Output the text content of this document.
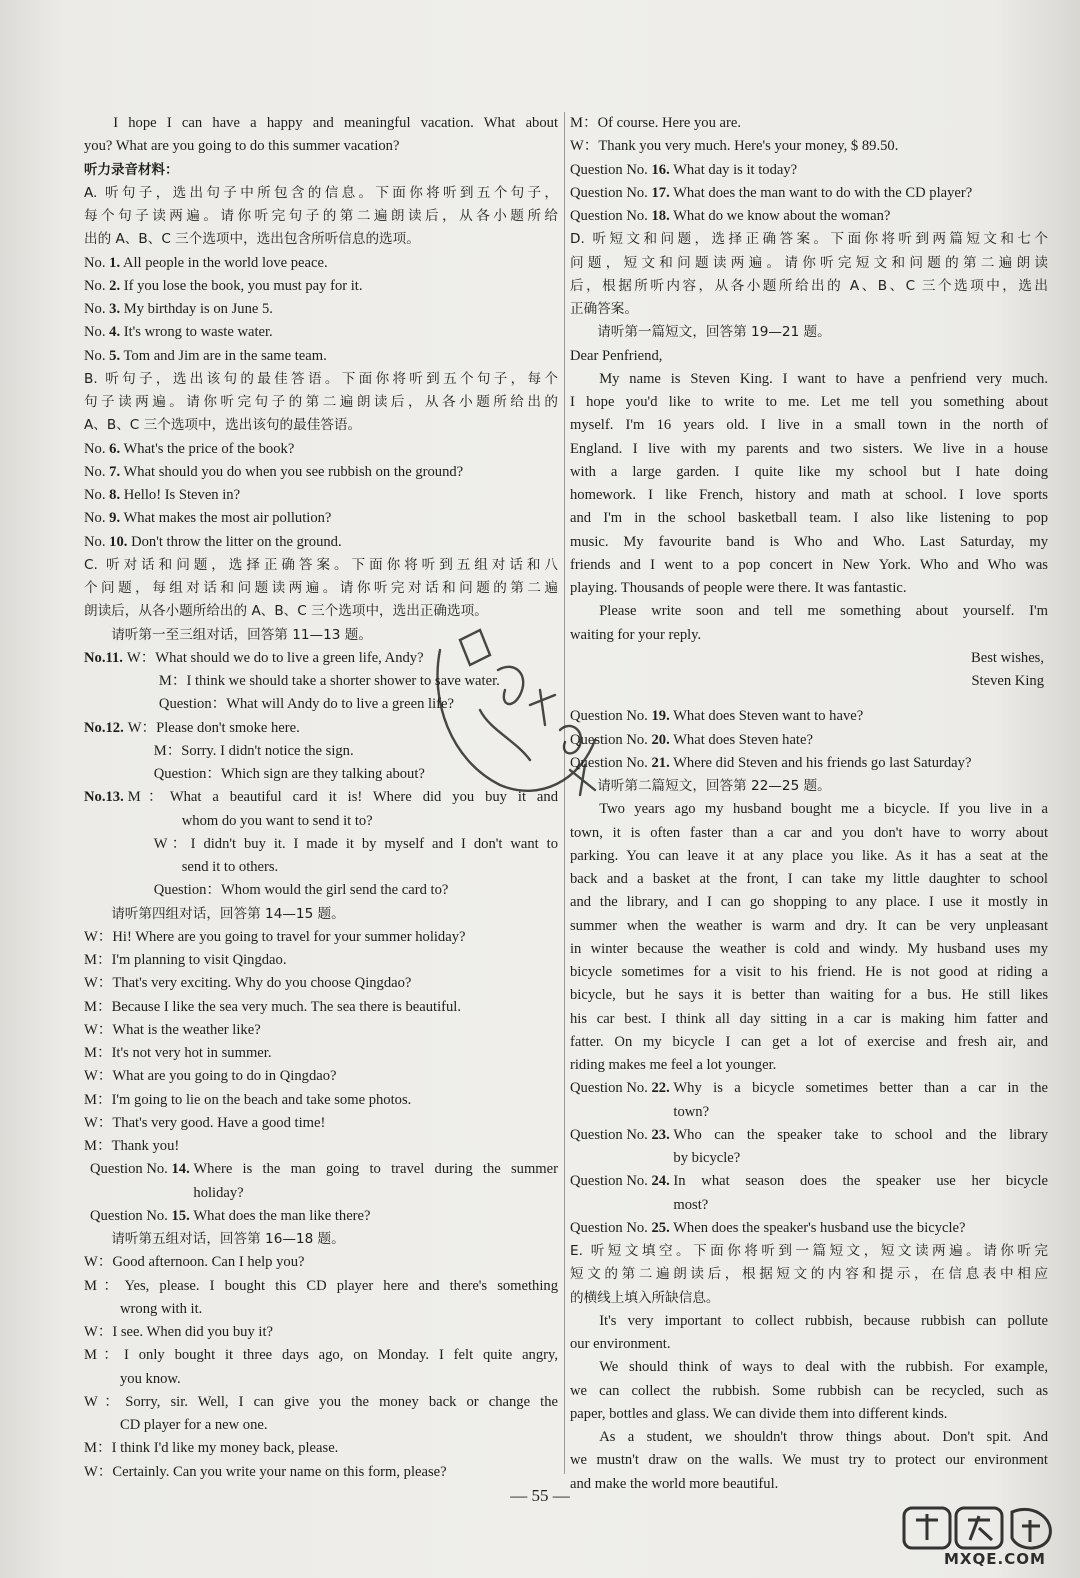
I hope I can have a happy and meaningful vacation. What about

you? What are you going to do this summer vacation?

听力录音材料：

A. 听句子，选出句子中所包含的信息。下面你将听到五个句子，

每个句子读两遍。请你听完句子的第二遍朗读后，从各小题所给

出的 A、B、C 三个选项中，选出包含所听信息的选项。

No. 1. All people in the world love peace.

No. 2. If you lose the book, you must pay for it.

No. 3. My birthday is on June 5.

No. 4. It's wrong to waste water.

No. 5. Tom and Jim are in the same team.

B. 听句子，选出该句的最佳答语。下面你将听到五个句子，每个

句子读两遍。请你听完句子的第二遍朗读后，从各小题所给出的

A、B、C 三个选项中，选出该句的最佳答语。

No. 6. What's the price of the book?

No. 7. What should you do when you see rubbish on the ground?

No. 8. Hello! Is Steven in?

No. 9. What makes the most air pollution?

No. 10. Don't throw the litter on the ground.

C. 听对话和问题，选择正确答案。下面你将听到五组对话和八

个问题，每组对话和问题读两遍。请你听完对话和问题的第二遍

朗读后，从各小题所给出的 A、B、C 三个选项中，选出正确选项。

请听第一至三组对话，回答第 11—13 题。

No.11. W：What should we do to live a green life, Andy?
M：I think we should take a shorter shower to save water.
Question：What will Andy do to live a green life?
No.12. W：Please don't smoke here.
M：Sorry. I didn't notice the sign.
Question：Which sign are they talking about?
No.13. M：What a beautiful card it is! Where did you buy it and
whom do you want to send it to?
W：I didn't buy it. I made it by myself and I don't want to
send it to others.
Question：Whom would the girl send the card to?

请听第四组对话，回答第 14—15 题。

W：Hi! Where are you going to travel for your summer holiday?

M：I'm planning to visit Qingdao.

W：That's very exciting. Why do you choose Qingdao?

M：Because I like the sea very much. The sea there is beautiful.

W：What is the weather like?

M：It's not very hot in summer.

W：What are you going to do in Qingdao?

M：I'm going to lie on the beach and take some photos.

W：That's very good. Have a good time!

M：Thank you!

Question No.
14.
Where is the man going to travel during the summer
holiday?
Question No.
15.
What does the man like there?

请听第五组对话，回答第 16—18 题。

W：Good afternoon. Can I help you?

M：Yes, please. I bought this CD player here and there's something

wrong with it.

W：I see. When did you buy it?

M：I only bought it three days ago, on Monday. I felt quite angry,

you know.

W：Sorry, sir. Well, I can give you the money back or change the

CD player for a new one.

M：I think I'd like my money back, please.

W：Certainly. Can you write your name on this form, please?

M：Of course. Here you are.

W：Thank you very much. Here's your money, $ 89.50.

Question No. 16. What day is it today?

Question No. 17. What does the man want to do with the CD player?

Question No. 18. What do we know about the woman?

D. 听短文和问题，选择正确答案。下面你将听到两篇短文和七个

问题，短文和问题读两遍。请你听完短文和问题的第二遍朗读

后，根据所听内容，从各小题所给出的 A、B、C 三个选项中，选出

正确答案。

请听第一篇短文，回答第 19—21 题。

Dear Penfriend,

My name is Steven King. I want to have a penfriend very much.

I hope you'd like to write to me. Let me tell you something about

myself. I'm 16 years old. I live in a small town in the north of

England. I live with my parents and two sisters. We live in a house

with a large garden. I quite like my school but I hate doing

homework. I like French, history and math at school. I love sports

and I'm in the school basketball team. I also like listening to pop

music. My favourite band is Who and Who. Last Saturday, my

friends and I went to a pop concert in New York. Who and Who was

playing. Thousands of people were there. It was fantastic.

Please write soon and tell me something about yourself. I'm

waiting for your reply.

Best wishes,

Steven King

Question No. 19. What does Steven want to have?

Question No. 20. What does Steven hate?

Question No. 21. Where did Steven and his friends go last Saturday?

请听第二篇短文，回答第 22—25 题。

Two years ago my husband bought me a bicycle. If you live in a

town, it is often faster than a car and you don't have to worry about

parking. You can leave it at any place you like. As it has a seat at the

back and a basket at the front, I can take my little daughter to school

and the library, and I can go shopping to any place. I use it mostly in

summer when the weather is warm and dry. It can be very unpleasant

in winter because the weather is cold and windy. My husband uses my

bicycle sometimes for a visit to his friend. He is not good at riding a

bicycle, but he says it is better than waiting for a bus. He still likes

his car best. I think all day sitting in a car is making him fatter and

fatter. On my bicycle I can get a lot of exercise and fresh air, and

riding makes me feel a lot younger.

Question No.
22.
Why is a bicycle sometimes better than a car in the
town?
Question No.
23.
Who can the speaker take to school and the library
by bicycle?
Question No.
24.
In what season does the speaker use her bicycle
most?

Question No. 25. When does the speaker's husband use the bicycle?

E. 听短文填空。下面你将听到一篇短文，短文读两遍。请你听完

短文的第二遍朗读后，根据短文的内容和提示，在信息表中相应

的横线上填入所缺信息。

It's very important to collect rubbish, because rubbish can pollute

our environment.

We should think of ways to deal with the rubbish. For example,

we can collect the rubbish. Some rubbish can be recycled, such as

paper, bottles and glass. We can divide them into different kinds.

As a student, we shouldn't throw things about. Don't spit. And

we mustn't draw on the walls. We must try to protect our environment

and make the world more beautiful.

— 55 —
MXQE.COM
